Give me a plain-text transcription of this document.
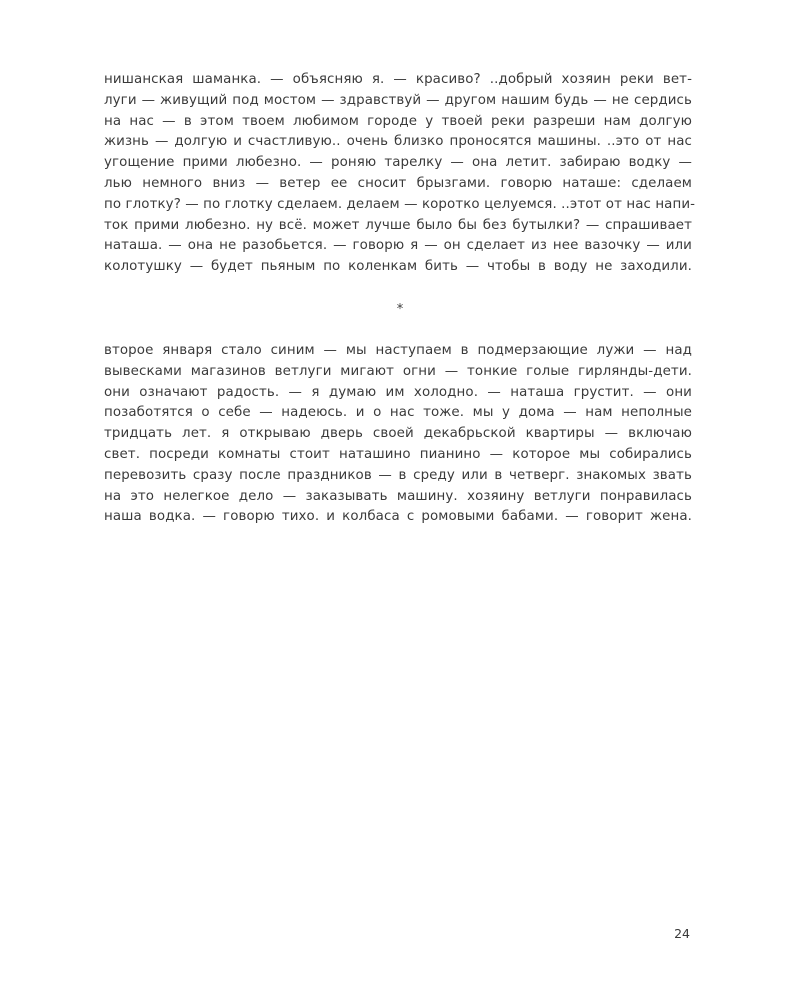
нишанская шаманка. — объясняю я. — красиво? ..добрый хозяин реки вет-
луги — живущий под мостом — здравствуй — другом нашим будь — не сердись
на нас — в этом твоем любимом городе у твоей реки разреши нам долгую
жизнь — долгую и счастливую.. очень близко проносятся машины. ..это от нас
угощение прими любезно. — роняю тарелку — она летит. забираю водку —
лью немного вниз — ветер ее сносит брызгами. говорю наташе: сделаем
по глотку? — по глотку сделаем. делаем — коротко целуемся. ..этот от нас напи-
ток прими любезно. ну всё. может лучше было бы без бутылки? — спрашивает
наташа. — она не разобьется. — говорю я — он сделает из нее вазочку — или
колотушку — будет пьяным по коленкам бить — чтобы в воду не заходили.
*
второе января стало синим — мы наступаем в подмерзающие лужи — над
вывесками магазинов ветлуги мигают огни — тонкие голые гирлянды-дети.
они означают радость. — я думаю им холодно. — наташа грустит. — они
позаботятся о себе — надеюсь. и о нас тоже. мы у дома — нам неполные
тридцать лет. я открываю дверь своей декабрьской квартиры — включаю
свет. посреди комнаты стоит наташино пианино — которое мы собирались
перевозить сразу после праздников — в среду или в четверг. знакомых звать
на это нелегкое дело — заказывать машину. хозяину ветлуги понравилась
наша водка. — говорю тихо. и колбаса с ромовыми бабами. — говорит жена.
24
